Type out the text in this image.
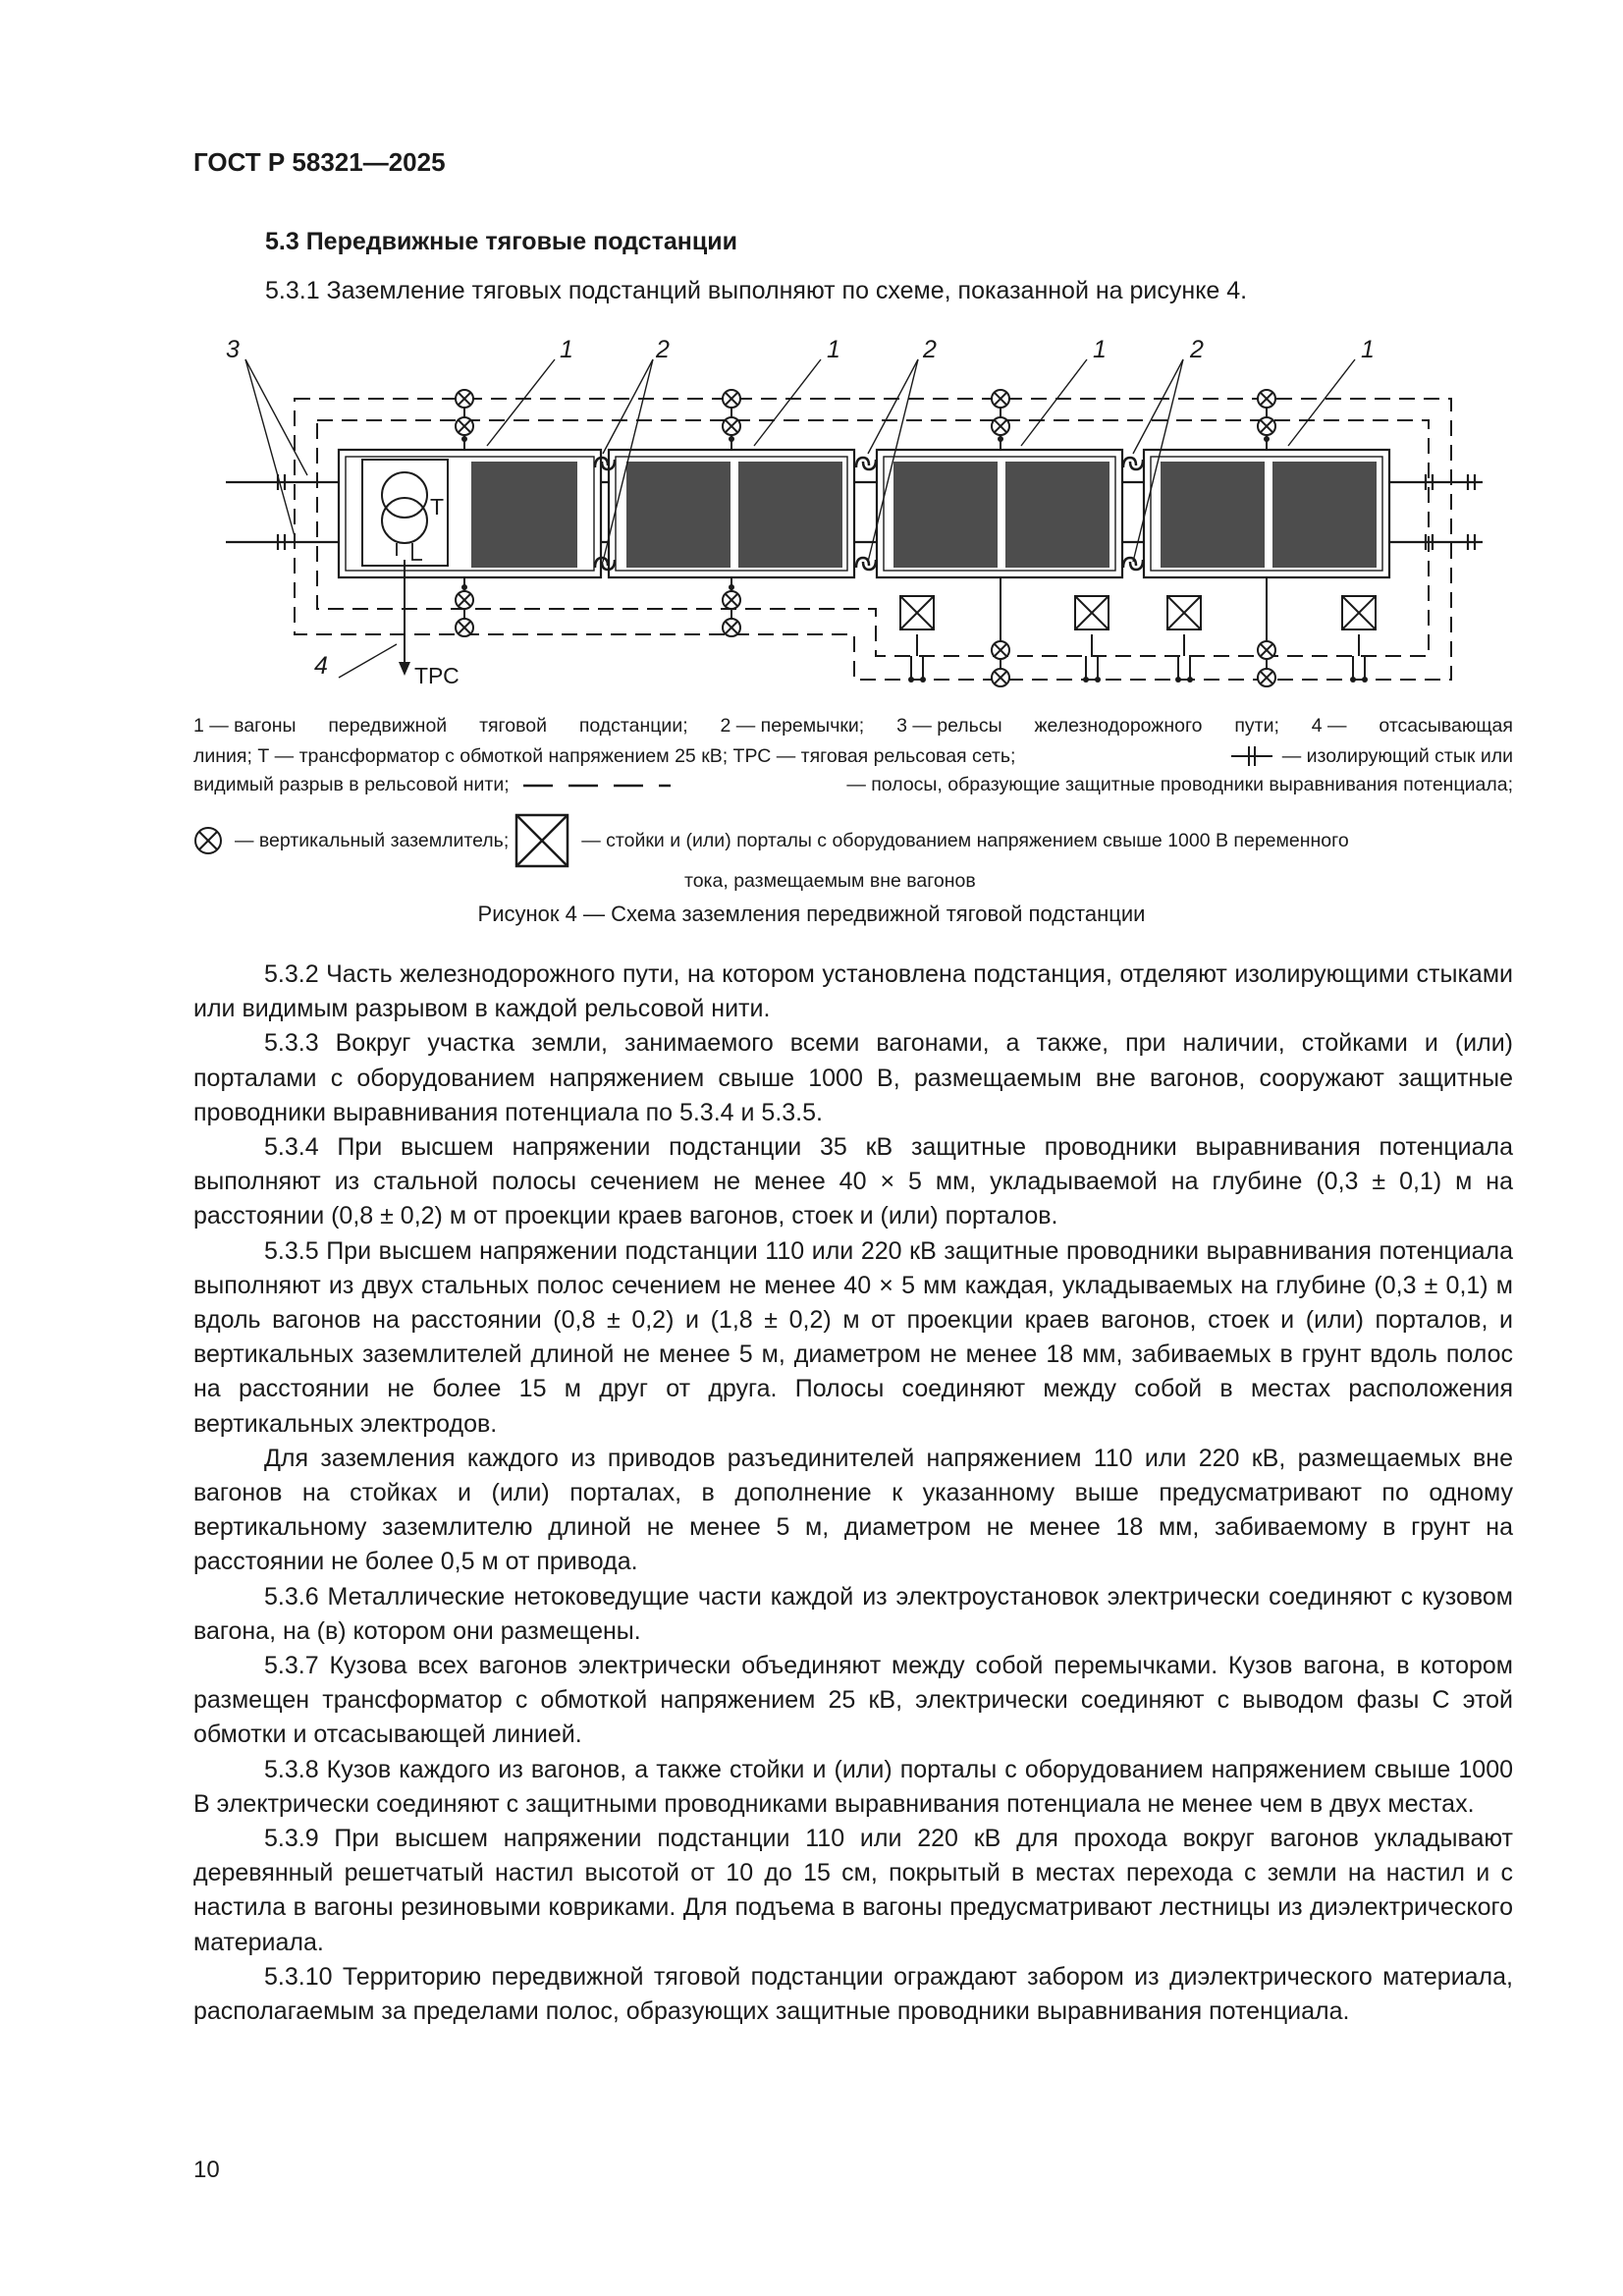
ГОСТ Р 58321—2025
5.3 Передвижные тяговые подстанции
5.3.1 Заземление тяговых подстанций выполняют по схеме, показанной на рисунке 4.
3	1	2	1	2	1	2	1
4
Т
ТРС
1 — вагоны передвижной тяговой подстанции; 2 — перемычки; 3 — рельсы железнодорожного пути; 4 — отсасывающая
линия; Т — трансформатор с обмоткой напряжением 25 кВ; ТРС — тяговая рельсовая сеть;	— изолирующий стык или
видимый разрыв в рельсовой нити;	— полосы, образующие защитные проводники выравнивания потенциала;
— вертикальный заземлитель;	— стойки и (или) порталы с оборудованием напряжением свыше 1000 В переменного
тока, размещаемым вне вагонов
Рисунок 4 — Схема заземления передвижной тяговой подстанции

5.3.2 Часть железнодорожного пути, на котором установлена подстанция, отделяют изолирующими стыками или видимым разрывом в каждой рельсовой нити.

5.3.3 Вокруг участка земли, занимаемого всеми вагонами, а также, при наличии, стойками и (или) порталами с оборудованием напряжением свыше 1000 В, размещаемым вне вагонов, сооружают защитные проводники выравнивания потенциала по 5.3.4 и 5.3.5.

5.3.4 При высшем напряжении подстанции 35 кВ защитные проводники выравнивания потенциала выполняют из стальной полосы сечением не менее 40 × 5 мм, укладываемой на глубине (0,3 ± 0,1) м на расстоянии (0,8 ± 0,2) м от проекции краев вагонов, стоек и (или) порталов.

5.3.5 При высшем напряжении подстанции 110 или 220 кВ защитные проводники выравнивания потенциала выполняют из двух стальных полос сечением не менее 40 × 5 мм каждая, укладываемых на глубине (0,3 ± 0,1) м вдоль вагонов на расстоянии (0,8 ± 0,2) и (1,8 ± 0,2) м от проекции краев вагонов, стоек и (или) порталов, и вертикальных заземлителей длиной не менее 5 м, диаметром не менее 18 мм, забиваемых в грунт вдоль полос на расстоянии не более 15 м друг от друга. Полосы соединяют между собой в местах расположения вертикальных электродов.

Для заземления каждого из приводов разъединителей напряжением 110 или 220 кВ, размещаемых вне вагонов на стойках и (или) порталах, в дополнение к указанному выше предусматривают по одному вертикальному заземлителю длиной не менее 5 м, диаметром не менее 18 мм, забиваемому в грунт на расстоянии не более 0,5 м от привода.

5.3.6 Металлические нетоковедущие части каждой из электроустановок электрически соединяют с кузовом вагона, на (в) котором они размещены.

5.3.7 Кузова всех вагонов электрически объединяют между собой перемычками. Кузов вагона, в котором размещен трансформатор с обмоткой напряжением 25 кВ, электрически соединяют с выводом фазы С этой обмотки и отсасывающей линией.

5.3.8 Кузов каждого из вагонов, а также стойки и (или) порталы с оборудованием напряжением свыше 1000 В электрически соединяют с защитными проводниками выравнивания потенциала не менее чем в двух местах.

5.3.9 При высшем напряжении подстанции 110 или 220 кВ для прохода вокруг вагонов укладывают деревянный решетчатый настил высотой от 10 до 15 см, покрытый в местах перехода с земли на настил и с настила в вагоны резиновыми ковриками. Для подъема в вагоны предусматривают лестницы из диэлектрического материала.

5.3.10 Территорию передвижной тяговой подстанции ограждают забором из диэлектрического материала, располагаемым за пределами полос, образующих защитные проводники выравнивания потенциала.

10
